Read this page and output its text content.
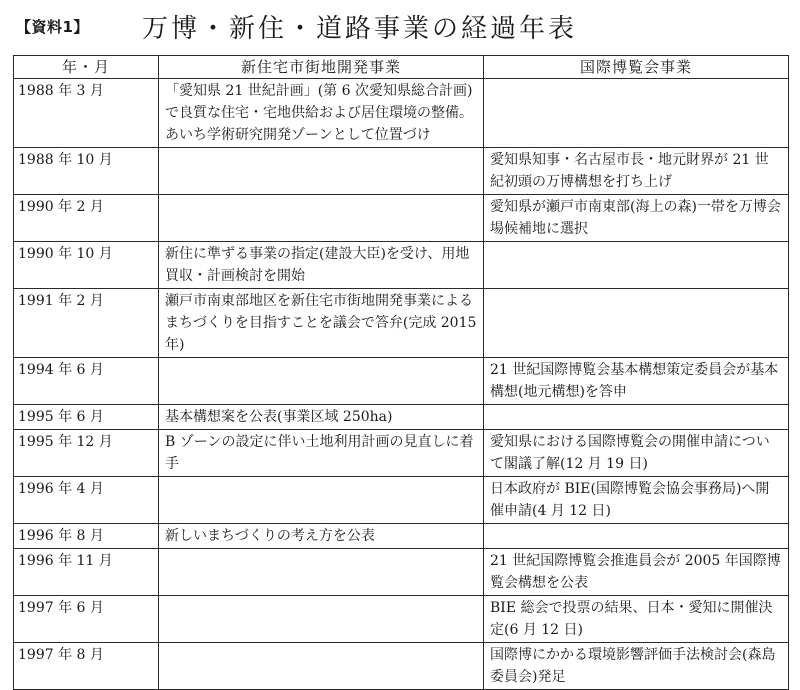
【資料1】 万博・新住・道路事業の経過年表
年・月	新住宅市街地開発事業	国際博覧会事業
1988 年 3 月	「愛知県 21 世紀計画」(第 6 次愛知県総合計画)で良質な住宅・宅地供給および居住環境の整備。あいち学術研究開発ゾーンとして位置づけ	
1988 年 10 月		愛知県知事・名古屋市長・地元財界が 21 世紀初頭の万博構想を打ち上げ
1990 年 2 月		愛知県が瀬戸市南東部(海上の森)一帯を万博会場候補地に選択
1990 年 10 月	新住に準ずる事業の指定(建設大臣)を受け、用地買収・計画検討を開始	
1991 年 2 月	瀬戸市南東部地区を新住宅市街地開発事業によるまちづくりを目指すことを議会で答弁(完成 2015 年)	
1994 年 6 月		21 世紀国際博覧会基本構想策定委員会が基本構想(地元構想)を答申
1995 年 6 月	基本構想案を公表(事業区域 250ha)	
1995 年 12 月	B ゾーンの設定に伴い土地利用計画の見直しに着手	愛知県における国際博覧会の開催申請について閣議了解(12 月 19 日)
1996 年 4 月		日本政府が BIE(国際博覧会協会事務局)へ開催申請(4 月 12 日)
1996 年 8 月	新しいまちづくりの考え方を公表	
1996 年 11 月		21 世紀国際博覧会推進員会が 2005 年国際博覧会構想を公表
1997 年 6 月		BIE 総会で投票の結果、日本・愛知に開催決定(6 月 12 日)
1997 年 8 月		国際博にかかる環境影響評価手法検討会(森島委員会)発足
